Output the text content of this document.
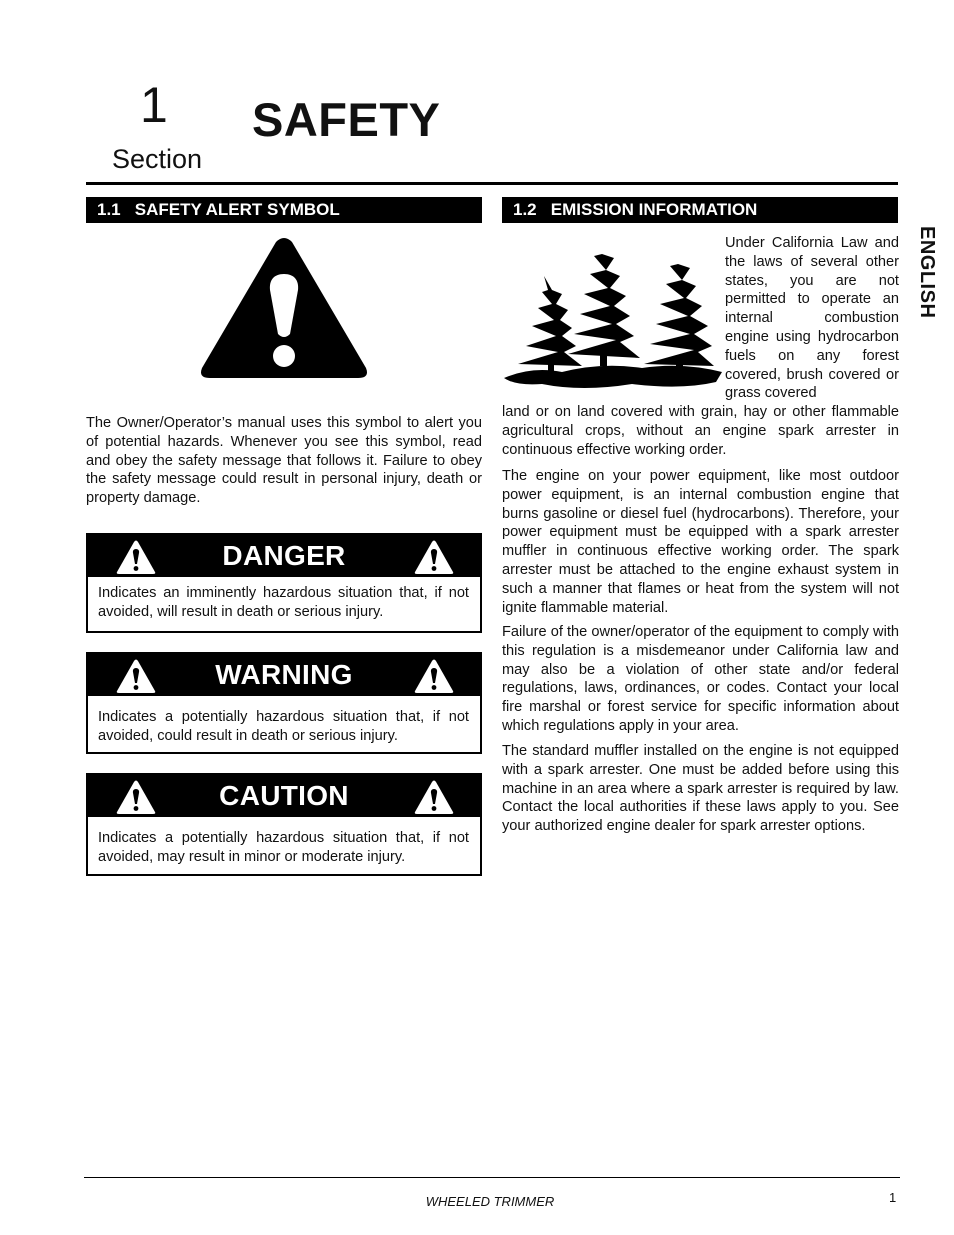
1
Section
SAFETY
1.1   SAFETY ALERT SYMBOL	1.2   EMISSION INFORMATION
ENGLISH

The Owner/Operator’s manual uses this symbol to alert you of potential hazards. Whenever you see this symbol, read and obey the safety message that follows it. Failure to obey the safety message could result in personal injury, death or property damage.

DANGER
Indicates an imminently hazardous situation that, if not avoided, will result in death or serious injury.
WARNING
Indicates a potentially hazardous situation that, if not avoided, could result in death or serious injury.
CAUTION
Indicates a potentially hazardous situation that, if not avoided, may result in minor or moderate injury.

Under California Law and the laws of several other states, you are not permitted to operate an internal combustion engine using hydrocarbon fuels on any forest covered, brush covered or grass covered

land or on land covered with grain, hay or other flammable agricultural crops, without an engine spark arrester in continuous effective working order.

The engine on your power equipment, like most outdoor power equipment, is an internal combustion engine that burns gasoline or diesel fuel (hydrocarbons). Therefore, your power equipment must be equipped with a spark arrester muffler in continuous effective working order. The spark arrester must be attached to the engine exhaust system in such a manner that flames or heat from the system will not ignite flammable material.

Failure of the owner/operator of the equipment to comply with this regulation is a misdemeanor under California law and may also be a violation of other state and/or federal regulations, laws, ordinances, or codes. Contact your local fire marshal or forest service for specific information about which regulations apply in your area.

The standard muffler installed on the engine is not equipped with a spark arrester. One must be added before using this machine in an area where a spark arrester is required by law. Contact the local authorities if these laws apply to you. See your authorized engine dealer for spark arrester options.

WHEELED TRIMMER	1
